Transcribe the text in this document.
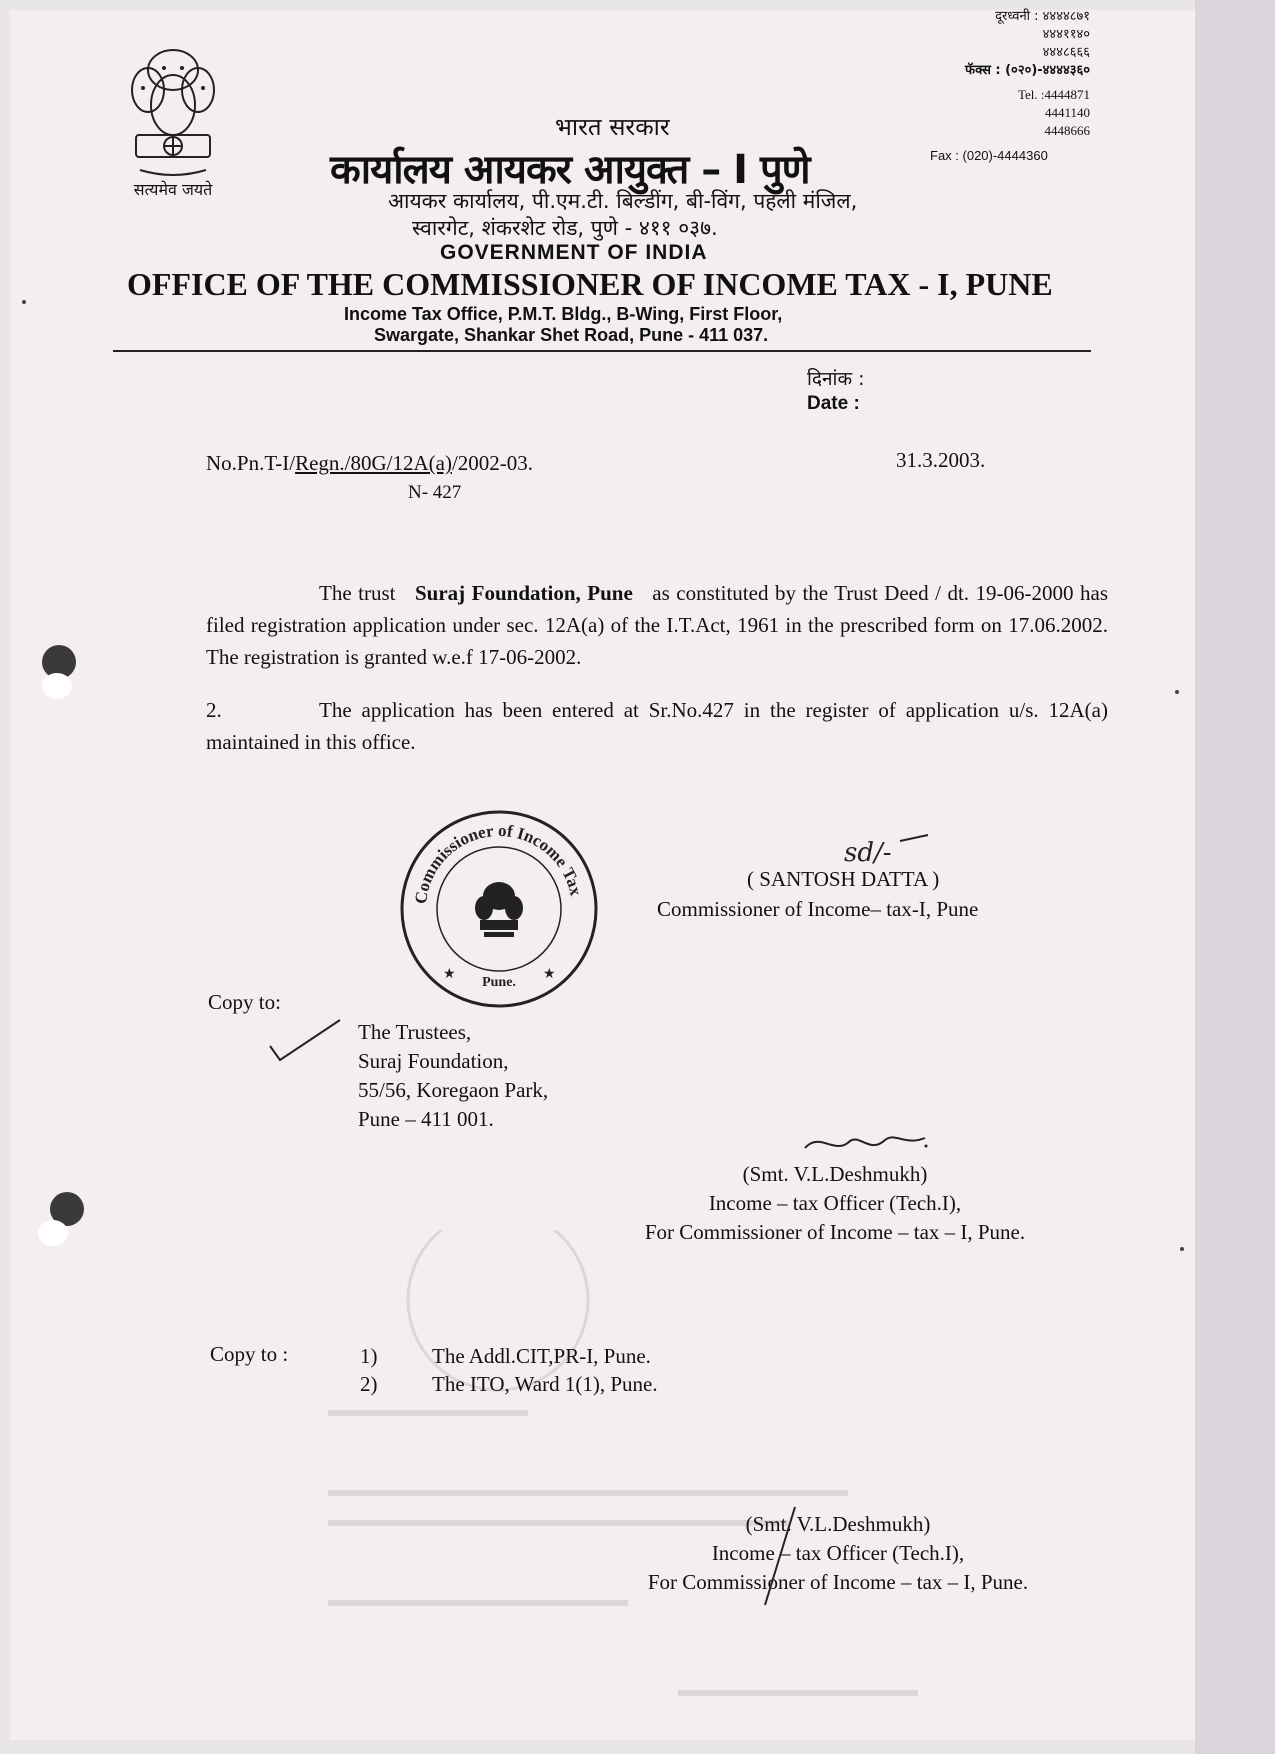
सत्यमेव जयते
दूरध्वनी : ४४४४८७१
४४४११४०
४४४८६६६
फॅक्स : (०२०)-४४४४३६०
Tel. :4444871
4441140
4448666
Fax : (020)-4444360
भारत सरकार
कार्यालय आयकर आयुक्त – I पुणे
आयकर कार्यालय, पी.एम.टी. बिल्डींग, बी-विंग, पहली मंजिल,
स्वारगेट, शंकरशेट रोड, पुणे - ४११ ०३७.
GOVERNMENT OF INDIA
OFFICE OF THE COMMISSIONER OF INCOME TAX - I, PUNE
Income Tax Office, P.M.T. Bldg., B-Wing, First Floor,
Swargate, Shankar Shet Road, Pune - 411 037.
दिनांक :
Date :
No.Pn.T-I/Regn./80G/12A(a)/2002-03.	31.3.2003.
N- 427
The trust Suraj Foundation, Pune as constituted by the Trust Deed / dt. 19-06-2000 has filed registration application under sec. 12A(a) of the I.T.Act, 1961 in the prescribed form on 17.06.2002. The registration is granted w.e.f 17-06-2002.
2.	The application has been entered at Sr.No.427 in the register of application u/s. 12A(a) maintained in this office.
Commissioner of Income Tax
Pune.
★	★
sd/-
( SANTOSH DATTA )
Commissioner of Income– tax-I, Pune
Copy to:
The Trustees,
Suraj Foundation,
55/56, Koregaon Park,
Pune – 411 001.
(Smt. V.L.Deshmukh)
Income – tax Officer (Tech.I),
For Commissioner of Income – tax – I, Pune.
Copy to :	1)	The Addl.CIT,PR-I, Pune.
2)	The ITO, Ward 1(1), Pune.
(Smt. V.L.Deshmukh)
Income – tax Officer (Tech.I),
For Commissioner of Income – tax – I, Pune.
